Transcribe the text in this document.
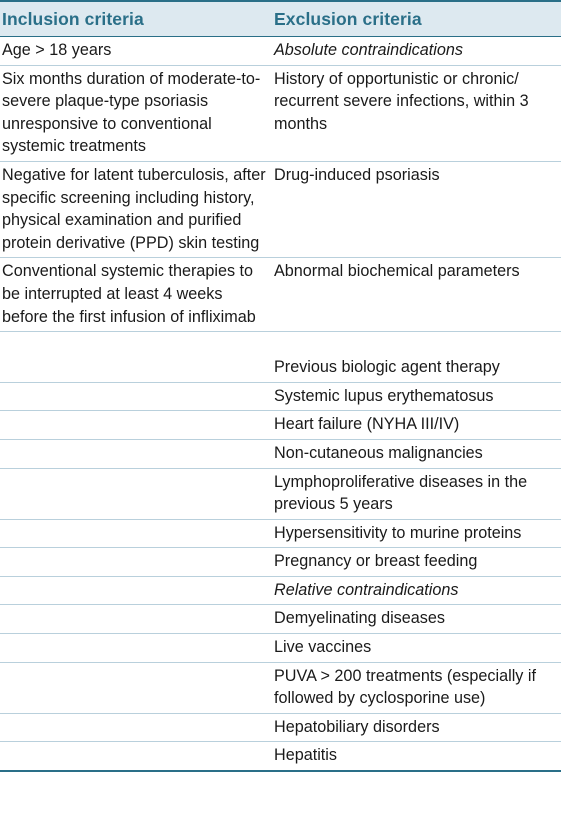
Inclusion criteria	Exclusion criteria
Age > 18 years	Absolute contraindications
Six months duration of moderate-to-severe plaque-type psoriasis unresponsive to conventional systemic treatments
History of opportunistic or chronic/ recurrent severe infections, within 3 months
Negative for latent tuberculosis, after specific screening including history, physical examination and purified protein derivative (PPD) skin testing
Drug-induced psoriasis
Conventional systemic therapies to be interrupted at least 4 weeks before the first infusion of infliximab
Abnormal biochemical parameters
Previous biologic agent therapy
Systemic lupus erythematosus
Heart failure (NYHA III/IV)
Non-cutaneous malignancies
Lymphoproliferative diseases in the previous 5 years
Hypersensitivity to murine proteins
Pregnancy or breast feeding
Relative contraindications
Demyelinating diseases
Live vaccines
PUVA > 200 treatments (especially if followed by cyclosporine use)
Hepatobiliary disorders
Hepatitis
